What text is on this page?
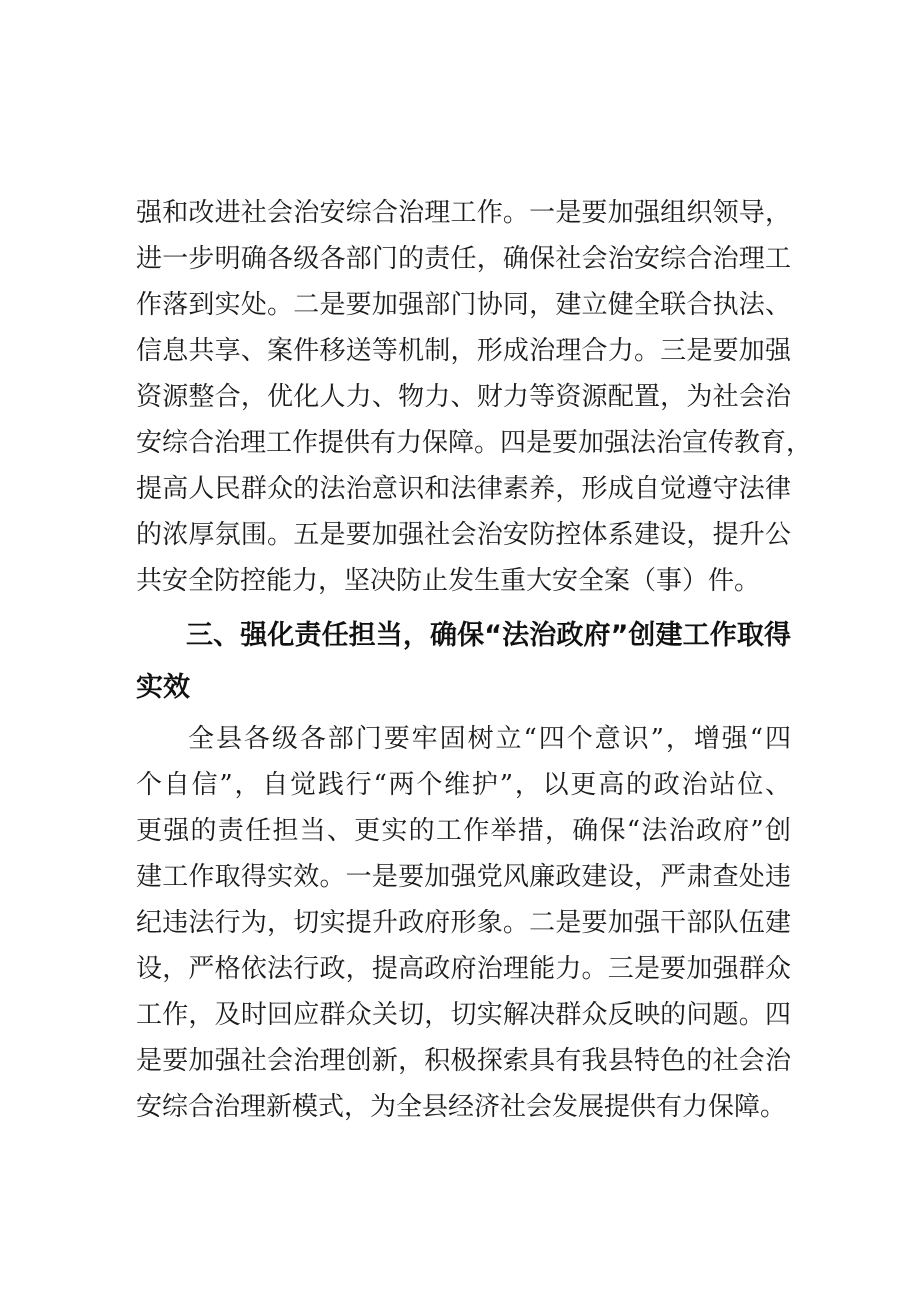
强和改进社会治安综合治理工作。一是要加强组织领导，
进一步明确各级各部门的责任，确保社会治安综合治理工
作落到实处。二是要加强部门协同，建立健全联合执法、
信息共享、案件移送等机制，形成治理合力。三是要加强
资源整合，优化人力、物力、财力等资源配置，为社会治
安综合治理工作提供有力保障。四是要加强法治宣传教育，
提高人民群众的法治意识和法律素养，形成自觉遵守法律
的浓厚氛围。五是要加强社会治安防控体系建设，提升公
共安全防控能力，坚决防止发生重大安全案（事）件。
三、强化责任担当，确保“法治政府”创建工作取得
实效
全县各级各部门要牢固树立“四个意识”，增强“四
个自信”，自觉践行“两个维护”，以更高的政治站位、
更强的责任担当、更实的工作举措，确保“法治政府”创
建工作取得实效。一是要加强党风廉政建设，严肃查处违
纪违法行为，切实提升政府形象。二是要加强干部队伍建
设，严格依法行政，提高政府治理能力。三是要加强群众
工作，及时回应群众关切，切实解决群众反映的问题。四
是要加强社会治理创新，积极探索具有我县特色的社会治
安综合治理新模式，为全县经济社会发展提供有力保障。
